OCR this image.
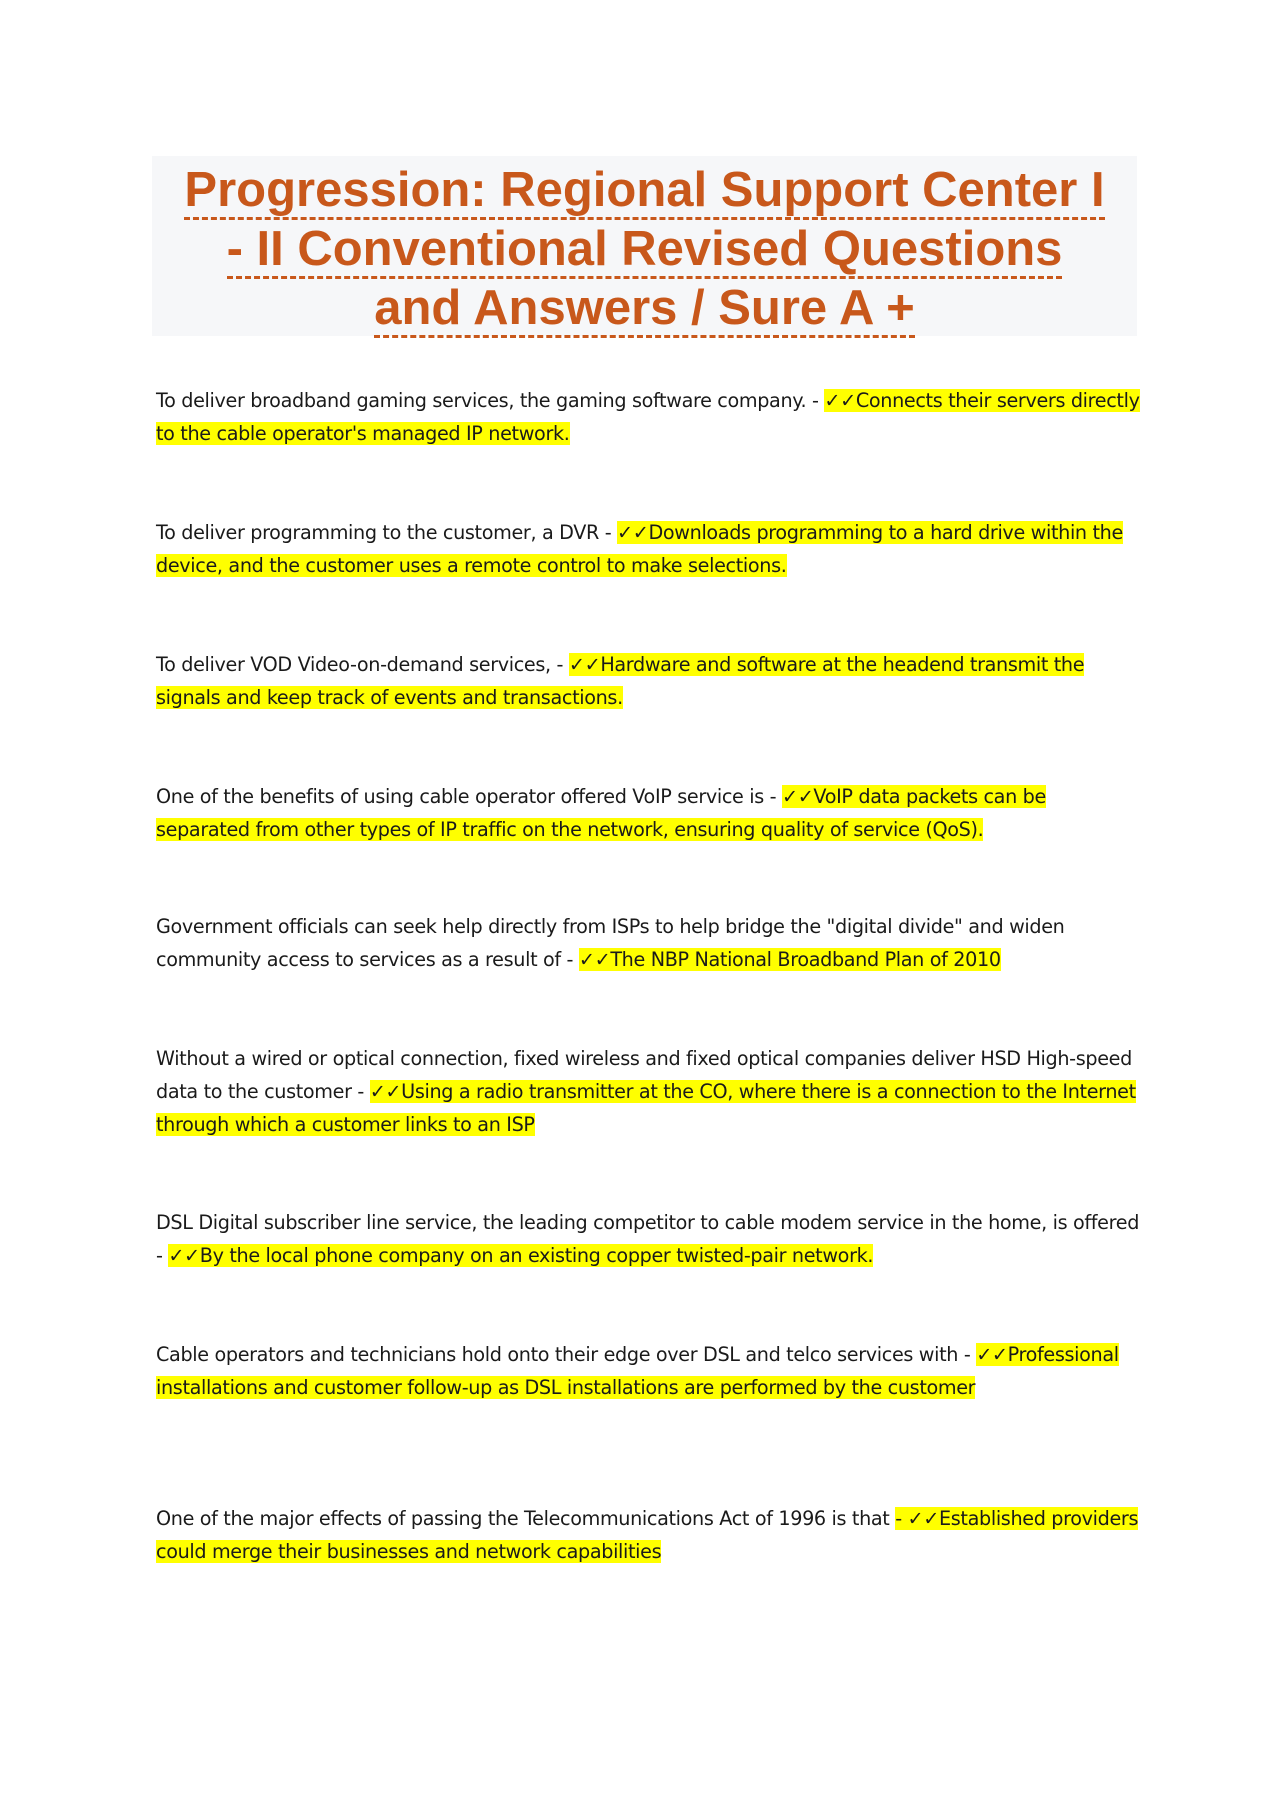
Progression: Regional Support Center I
- II Conventional Revised Questions
and Answers / Sure A +

To deliver broadband gaming services, the gaming software company. - ✓✓Connects their servers directly to the cable operator's managed IP network.

To deliver programming to the customer, a DVR - ✓✓Downloads programming to a hard drive within the device, and the customer uses a remote control to make selections.

To deliver VOD Video-on-demand services, - ✓✓Hardware and software at the headend transmit the signals and keep track of events and transactions.

One of the benefits of using cable operator offered VoIP service is - ✓✓VoIP data packets can be separated from other types of IP traffic on the network, ensuring quality of service (QoS).

Government officials can seek help directly from ISPs to help bridge the "digital divide" and widen community access to services as a result of - ✓✓The NBP National Broadband Plan of 2010

Without a wired or optical connection, fixed wireless and fixed optical companies deliver HSD High-speed data to the customer - ✓✓Using a radio transmitter at the CO, where there is a connection to the Internet through which a customer links to an ISP

DSL Digital subscriber line service, the leading competitor to cable modem service in the home, is offered - ✓✓By the local phone company on an existing copper twisted-pair network.

Cable operators and technicians hold onto their edge over DSL and telco services with - ✓✓Professional installations and customer follow-up as DSL installations are performed by the customer

One of the major effects of passing the Telecommunications Act of 1996 is that - ✓✓Established providers could merge their businesses and network capabilities
